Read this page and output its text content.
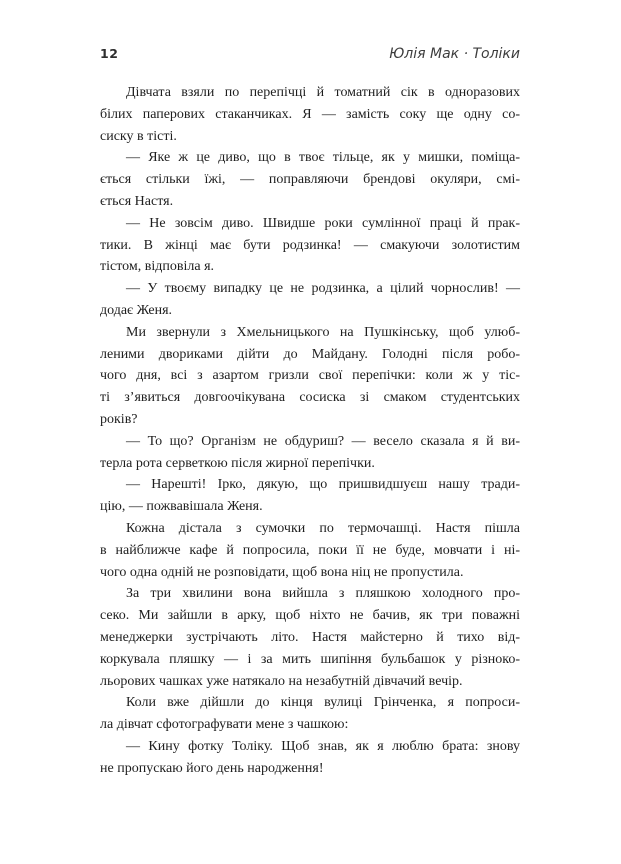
12	Юлія Мак · Толіки
Дівчата взяли по перепічці й томатний сік в одноразових
білих паперових стаканчиках. Я — замість соку ще одну со-
сиску в тісті.
— Яке ж це диво, що в твоє тільце, як у мишки, поміща-
ється стільки їжі, — поправляючи брендові окуляри, смі-
ється Настя.
— Не зовсім диво. Швидше роки сумлінної праці й прак-
тики. В жінці має бути родзинка! — смакуючи золотистим
тістом, відповіла я.
— У твоєму випадку це не родзинка, а цілий чорнослив! —
додає Женя.
Ми звернули з Хмельницького на Пушкінську, щоб улюб-
леними двориками дійти до Майдану. Голодні після робо-
чого дня, всі з азартом гризли свої перепічки: коли ж у тіс-
ті з’явиться довгоочікувана сосиска зі смаком студентських
років?
— То що? Організм не обдуриш? — весело сказала я й ви-
терла рота серветкою після жирної перепічки.
— Нарешті! Ірко, дякую, що пришвидшуєш нашу тради-
цію, — пожвавішала Женя.
Кожна дістала з сумочки по термочашці. Настя пішла
в найближче кафе й попросила, поки її не буде, мовчати і ні-
чого одна одній не розповідати, щоб вона ніц не пропустила.
За три хвилини вона вийшла з пляшкою холодного про-
секо. Ми зайшли в арку, щоб ніхто не бачив, як три поважні
менеджерки зустрічають літо. Настя майстерно й тихо від-
коркувала пляшку — і за мить шипіння бульбашок у різноко-
льорових чашках уже натякало на незабутній дівчачий вечір.
Коли вже дійшли до кінця вулиці Грінченка, я попроси-
ла дівчат сфотографувати мене з чашкою:
— Кину фотку Толіку. Щоб знав, як я люблю брата: знову
не пропускаю його день народження!
